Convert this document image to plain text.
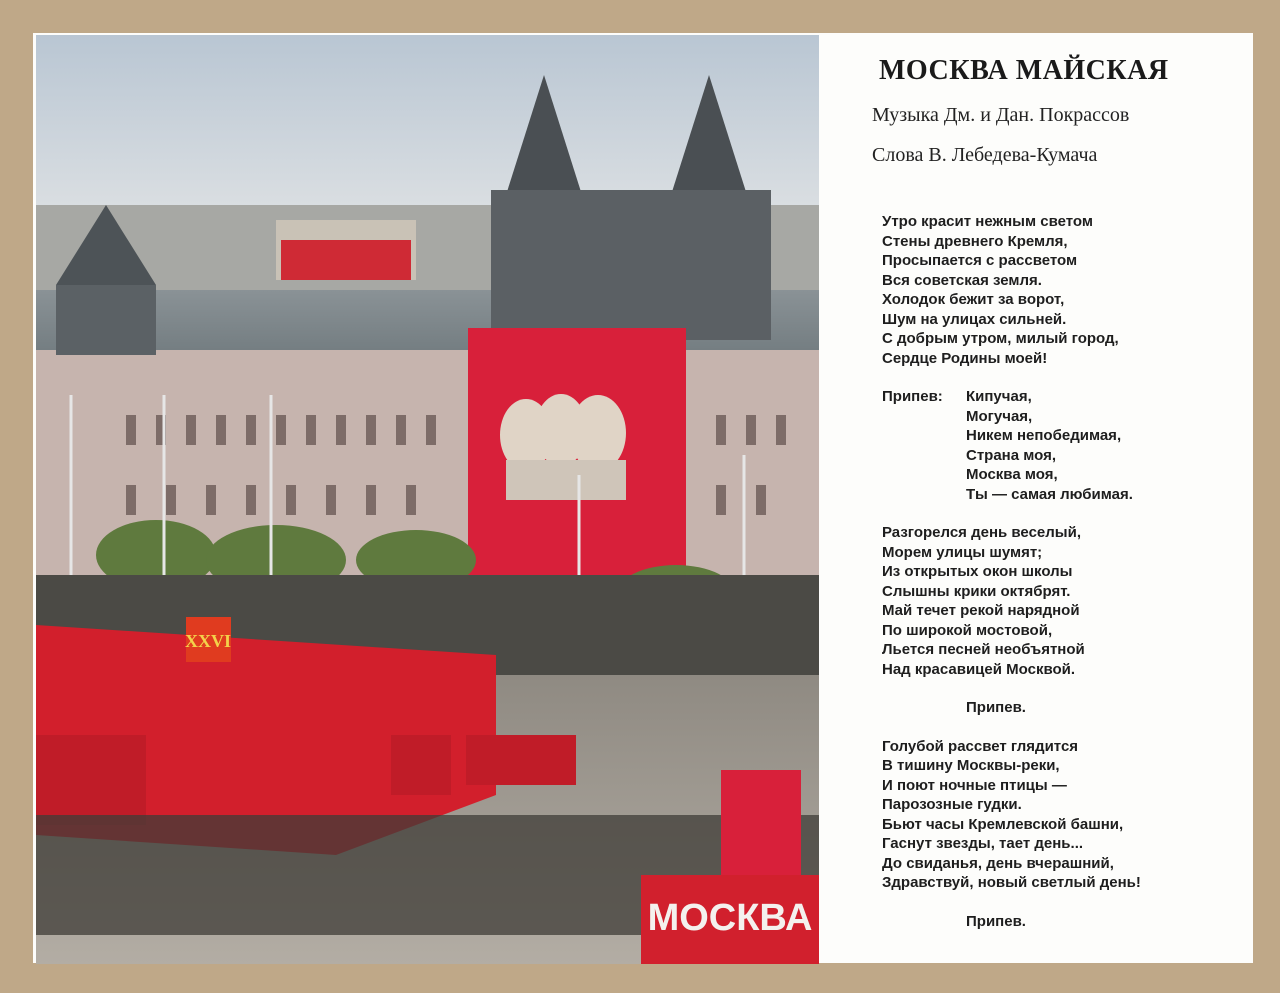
XXVI
МОСКВА
МОСКВА МАЙСКАЯ
Музыка Дм. и Дан. Покрассов
Слова В. Лебедева-Кумача
Утро красит нежным светом
Стены древнего Кремля,
Просыпается с рассветом
Вся советская земля.
Холодок бежит за ворот,
Шум на улицах сильней.
С добрым утром, милый город,
Сердце Родины моей!
Припев:	Кипучая,
Могучая,
Никем непобедимая,
Страна моя,
Москва моя,
Ты — самая любимая.
Разгорелся день веселый,
Морем улицы шумят;
Из открытых окон школы
Слышны крики октябрят.
Май течет рекой нарядной
По широкой мостовой,
Льется песней необъятной
Над красавицей Москвой.
Припев.
Голубой рассвет глядится
В тишину Москвы-реки,
И поют ночные птицы —
Парозозные гудки.
Бьют часы Кремлевской башни,
Гаснут звезды, тает день...
До свиданья, день вчерашний,
Здравствуй, новый светлый день!
Припев.
